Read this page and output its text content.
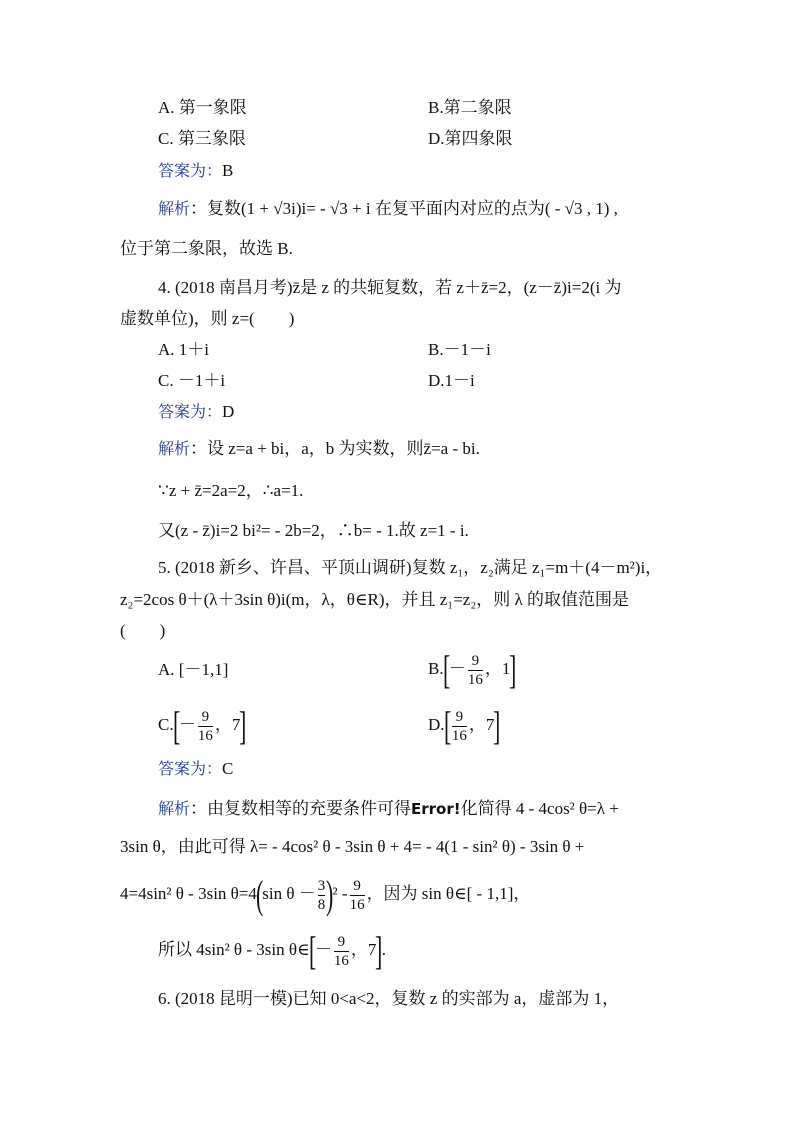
A. 第一象限	B.第二象限
C. 第三象限	D.第四象限
答案为：B
解析：复数(1 + √3i)i= - √3 + i 在复平面内对应的点为( - √3 , 1) ,
位于第二象限，故选 B.
4. (2018 南昌月考)z̄是 z 的共轭复数，若 z＋z̄=2，(z－z̄)i=2(i 为
虚数单位)，则 z=(　　)
A. 1＋i	B.－1－i
C. －1＋i	D.1－i
答案为：D
解析：设 z=a + bi，a，b 为实数，则z̄=a - bi.
∵z + z̄=2a=2，∴a=1.
又(z - z̄)i=2 bi²= - 2b=2，∴b= - 1.故 z=1 - i.
5. (2018 新乡、许昌、平顶山调研)复数 z₁，z₂满足 z₁=m＋(4－m²)i，
z₂=2cos θ＋(λ＋3sin θ)i(m，λ，θ∈R)，并且 z₁=z₂，则 λ 的取值范围是
(　　)
A. [－1,1]	$B.[- \frac{9}{16}$ ，1]
$C.[- \frac{9}{16}$ ，7]	$D.[ \frac{9}{16}$ ，7]
答案为：C
解析：由复数相等的充要条件可得Error!化简得 4 - 4cos² θ=λ +
3sin θ，由此可得 λ= - 4cos² θ - 3sin θ + 4= - 4(1 - sin² θ) - 3sin θ +
4=4sin² θ - 3sin θ=4(sin $\theta - \frac{3}{8} )^2 - \frac{9}{16}$ ，因为 sin θ∈[ - 1,1]，
所以 4sin² θ - 3sin θ∈[－ $\frac{9}{16}$ ，7].
6. (2018 昆明一模)已知 0<a<2，复数 z 的实部为 a，虚部为 1，
